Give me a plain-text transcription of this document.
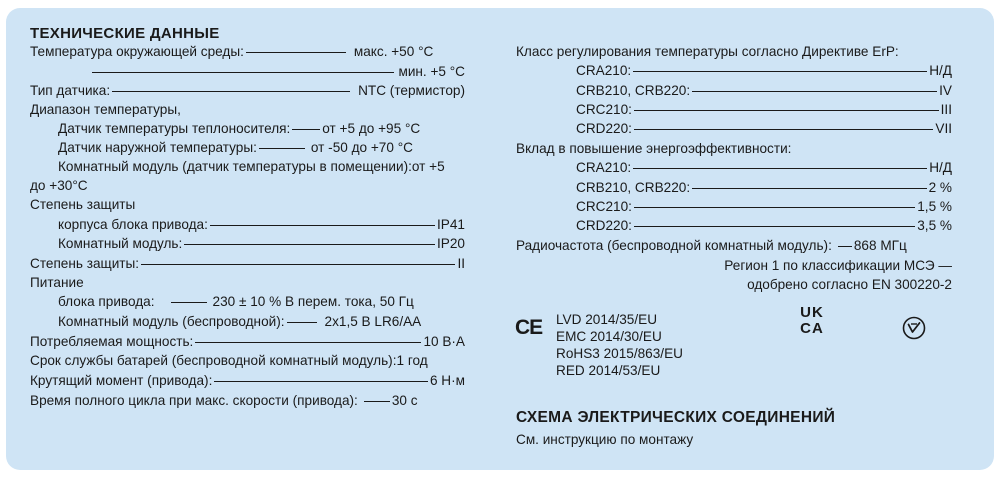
ТЕХНИЧЕСКИЕ ДАННЫЕ
Температура окружающей среды:	макс. +50 °C
мин. +5 °C
Тип датчика:	NTC (термистор)
Диапазон температуры,
Датчик температуры теплоносителя: от +5 до +95 °C
Датчик наружной температуры:	от -50 до +70 °C
Комнатный модуль (датчик температуры в помещении): от +5
до +30°C
Степень защиты
корпуса блока привода:	IP41
Комнатный модуль:	IP20
Степень защиты:	II
Питание
блока привода:	230 ± 10 % В перем. тока, 50 Гц
Комнатный модуль (беспроводной):	2x1,5 В LR6/AA
Потребляемая мощность:	10 В·А
Срок службы батарей (беспроводной комнатный модуль): 1 год
Крутящий момент (привода):	6 Н·м
Время полного цикла при макс. скорости (привода):	30 с
Класс регулирования температуры согласно Директиве ErP:
CRA210:	Н/Д
CRB210, CRB220:	IV
CRC210:	III
CRD220:	VII
Вклад в повышение энергоэффективности:
CRA210:	Н/Д
CRB210, CRB220:	2 %
CRC210:	1,5 %
CRD220:	3,5 %
Радиочастота (беспроводной комнатный модуль): 868 МГц
Регион 1 по классификации МСЭ —
одобрено согласно EN 300220-2
CE LVD 2014/35/EU
EMC 2014/30/EU
RoHS3 2015/863/EU
RED 2014/53/EU
UK
CA
СХЕМА ЭЛЕКТРИЧЕСКИХ СОЕДИНЕНИЙ
См. инструкцию по монтажу
